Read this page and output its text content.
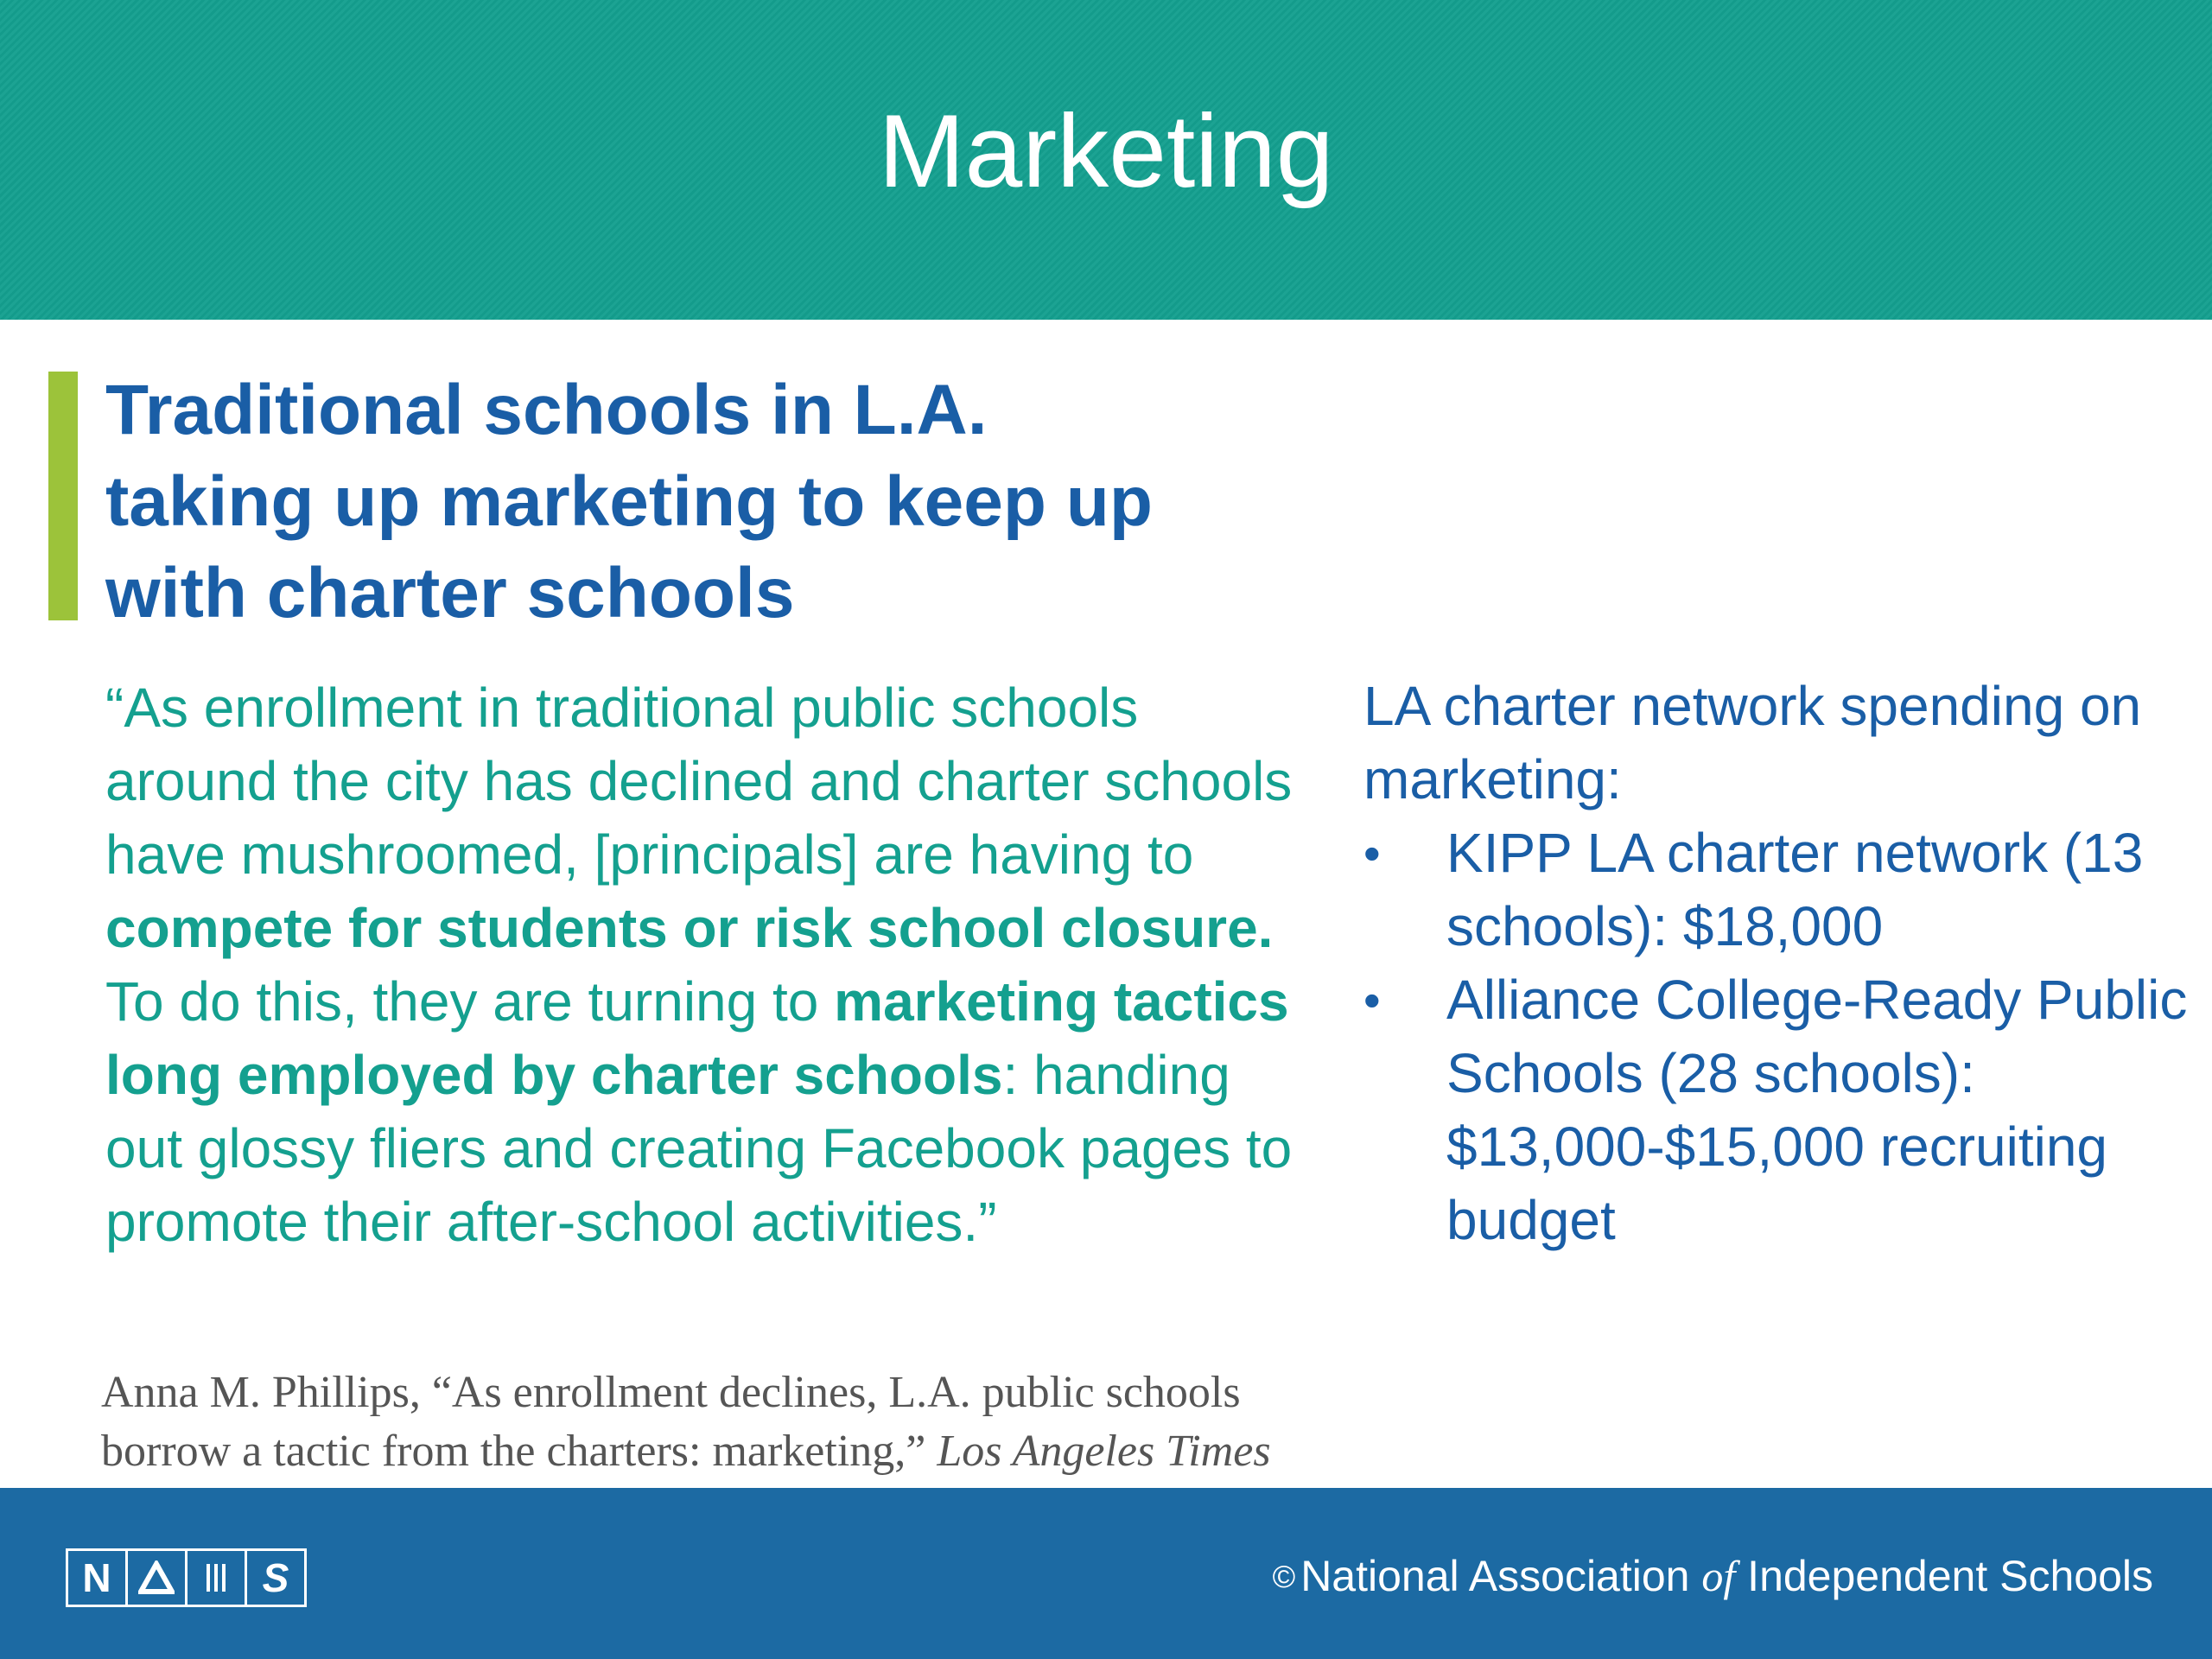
Marketing
Traditional schools in L.A.
taking up marketing to keep up
with charter schools

“As enrollment in traditional public schools around the city has declined and charter schools have mushroomed, [principals] are having to compete for students or risk school closure. To do this, they are turning to marketing tactics long employed by charter schools: handing out glossy fliers and creating Facebook pages to promote their after-school activities.”

LA charter network spending on marketing:

•	KIPP LA charter network (13 schools): $18,000
•	Alliance College-Ready Public Schools (28 schools): $13,000-$15,000 recruiting budget

Anna M. Phillips, “As enrollment declines, L.A. public schools
borrow a tactic from the charters: marketing,” Los Angeles Times

N	S	© National Association of Independent Schools
